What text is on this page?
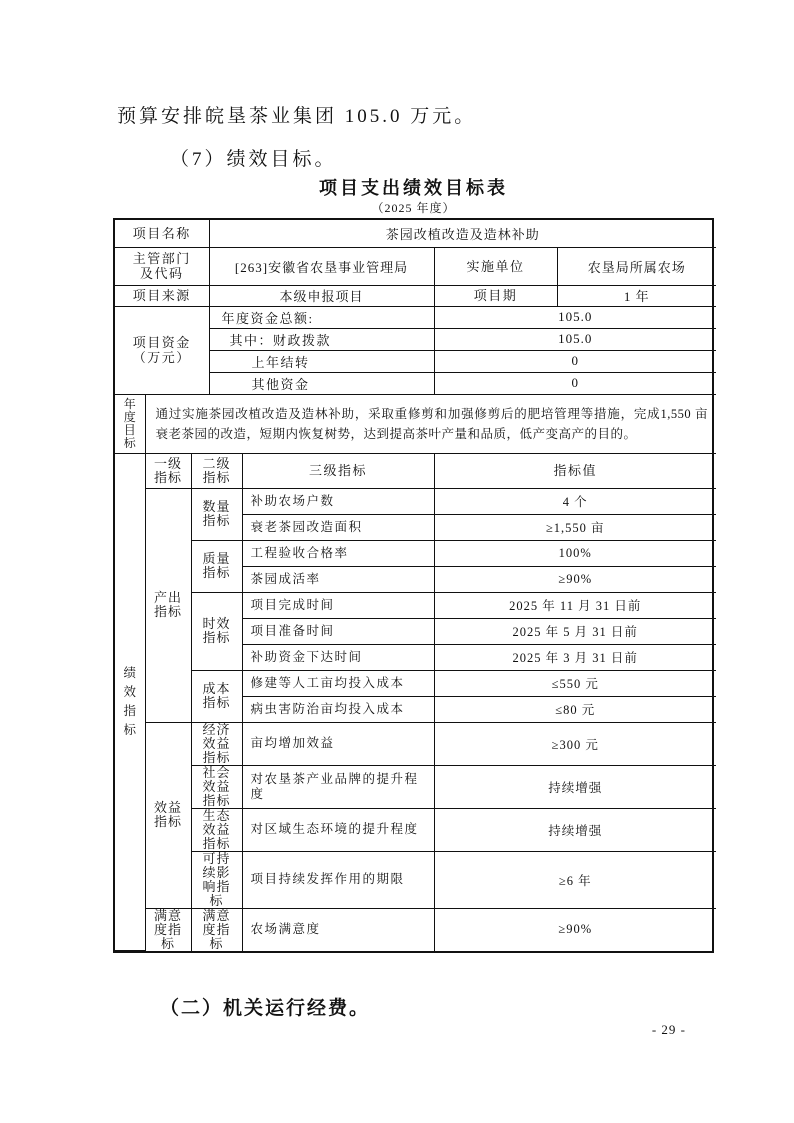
预算安排皖垦茶业集团 105.0 万元。

（7）绩效目标。

项目支出绩效目标表
（2025 年度）
项目名称	茶园改植改造及造林补助		

主管部门
及代码	[263]安徽省农垦事业管理局	实施单位	农垦局所属农场
项目来源	本级申报项目	项目期	1 年

项目资金
（万元）	年度资金总额:	105.0	
	其中：财政拨款	105.0	
	上年结转	0	
	其他资金	0	
年度目标
	通过实施茶园改植改造及造林补助，采取重修剪和加强修剪后的肥培管理等措施，完成1,550 亩衰老茶园的改造，短期内恢复树势，达到提高茶叶产量和品质，低产变高产的目的。
绩效指标	一级指标	二级指标	三级指标	指标值

	产出指标	数量指标	补助农场户数	4 个
			衰老茶园改造面积	≥1,550 亩

		质量指标	工程验收合格率	100%
			茶园成活率	≥90%

		时效指标	项目完成时间	2025 年 11 月 31 日前
			项目准备时间	2025 年 5 月 31 日前
			补助资金下达时间	2025 年 3 月 31 日前

		成本指标	修建等人工亩均投入成本	≤550 元
			病虫害防治亩均投入成本	≤80 元

	效益指标	经济效益指标	亩均增加效益	≥300 元

		社会效益指标	对农垦茶产业品牌的提升程度	持续增强

		生态效益指标	对区域生态环境的提升程度	持续增强

		可持续影响指标	项目持续发挥作用的期限	≥6 年

	满意度指标	满意度指标	农场满意度	≥90%

（二）机关运行经费。

- 29 -
